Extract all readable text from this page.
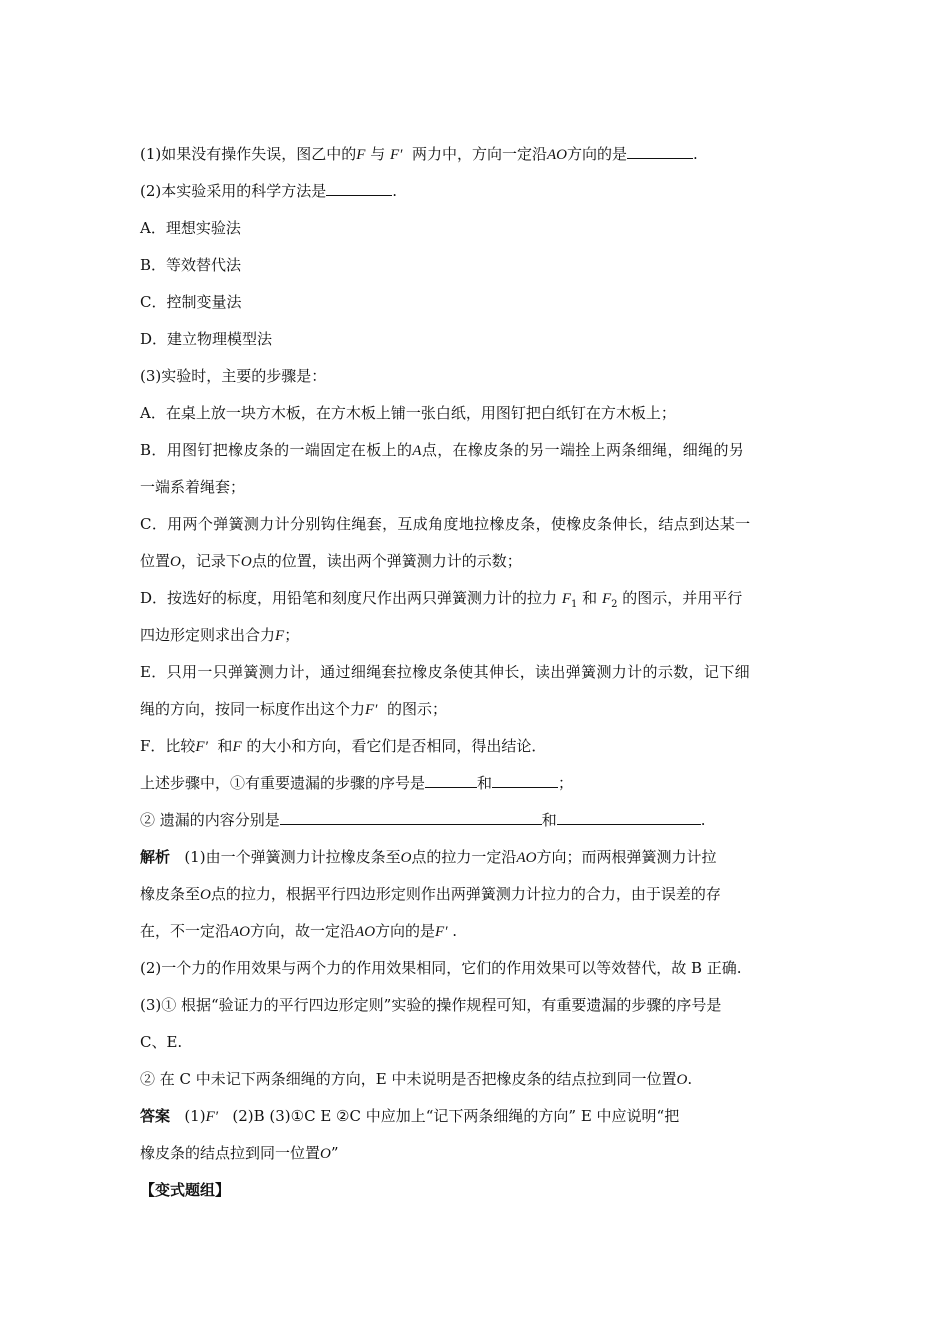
(1)如果没有操作失误，图乙中的F 与 F′ 两力中，方向一定沿AO方向的是	.
(2)本实验采用的科学方法是	.
A．理想实验法
B．等效替代法
C．控制变量法
D．建立物理模型法
(3)实验时，主要的步骤是：
A．在桌上放一块方木板，在方木板上铺一张白纸，用图钉把白纸钉在方木板上；
B．用图钉把橡皮条的一端固定在板上的A点，在橡皮条的另一端拴上两条细绳，细绳的另
一端系着绳套；
C．用两个弹簧测力计分别钩住绳套，互成角度地拉橡皮条，使橡皮条伸长，结点到达某一
位置O，记录下O点的位置，读出两个弹簧测力计的示数；
D．按选好的标度，用铅笔和刻度尺作出两只弹簧测力计的拉力 $F_1$ 和 $F_2$ 的图示，并用平行
四边形定则求出合力F；
E．只用一只弹簧测力计，通过细绳套拉橡皮条使其伸长，读出弹簧测力计的示数，记下细
绳的方向，按同一标度作出这个力F′ 的图示；
F．比较F′ 和F 的大小和方向，看它们是否相同，得出结论．
上述步骤中，①有重要遗漏的步骤的序号是	和	；
② 遗漏的内容分别是	和	.
解析 (1)由一个弹簧测力计拉橡皮条至O点的拉力一定沿AO方向；而两根弹簧测力计拉
橡皮条至O点的拉力，根据平行四边形定则作出两弹簧测力计拉力的合力，由于误差的存
在，不一定沿AO方向，故一定沿AO方向的是F′ .
(2)一个力的作用效果与两个力的作用效果相同，它们的作用效果可以等效替代，故 B 正确.
(3)① 根据“验证力的平行四边形定则”实验的操作规程可知，有重要遗漏的步骤的序号是
C、E.
② 在 C 中未记下两条细绳的方向，E 中未说明是否把橡皮条的结点拉到同一位置O.
答案 (1)F′ (2)B (3)①C E ②C 中应加上“记下两条细绳的方向” E 中应说明“把
橡皮条的结点拉到同一位置O”
【变式题组】
